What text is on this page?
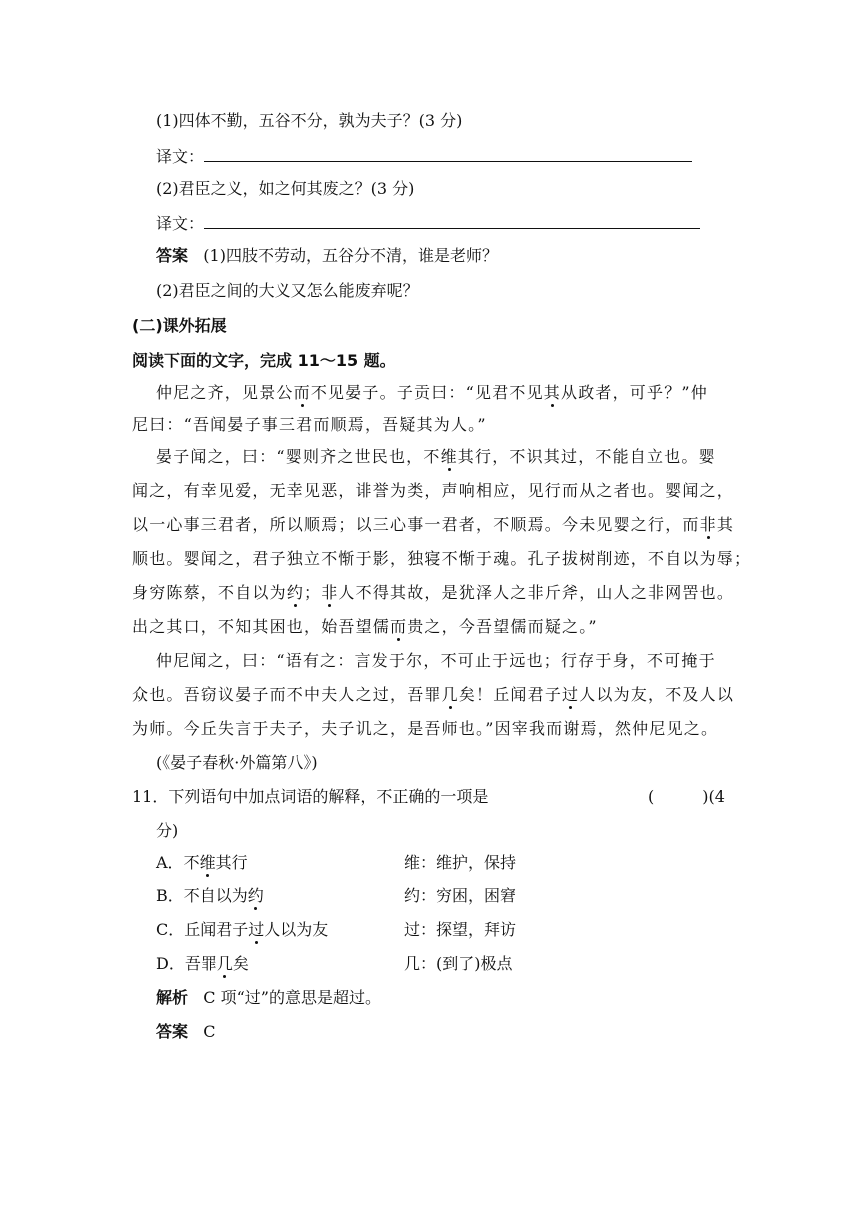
(1)四体不勤，五谷不分，孰为夫子？(3 分)
译文：
(2)君臣之义，如之何其废之？(3 分)
译文：
答案 (1)四肢不劳动，五谷分不清，谁是老师？
(2)君臣之间的大义又怎么能废弃呢？
(二)课外拓展
阅读下面的文字，完成 11～15 题。
仲尼之齐，见景公而不见晏子。子贡曰：“见君不见其从政者，可乎？”仲
尼曰：“吾闻晏子事三君而顺焉，吾疑其为人。”
晏子闻之，曰：“婴则齐之世民也，不维其行，不识其过，不能自立也。婴
闻之，有幸见爱，无幸见恶，诽誉为类，声响相应，见行而从之者也。婴闻之，
以一心事三君者，所以顺焉；以三心事一君者，不顺焉。今未见婴之行，而非其
顺也。婴闻之，君子独立不惭于影，独寝不惭于魂。孔子拔树削迹，不自以为辱；
身穷陈蔡，不自以为约；非人不得其故，是犹泽人之非斤斧，山人之非网罟也。
出之其口，不知其困也，始吾望儒而贵之，今吾望儒而疑之。”
仲尼闻之，曰：“语有之：言发于尔，不可止于远也；行存于身，不可掩于
众也。吾窃议晏子而不中夫人之过，吾罪几矣！丘闻君子过人以为友，不及人以
为师。今丘失言于夫子，夫子讥之，是吾师也。”因宰我而谢焉，然仲尼见之。
(《晏子春秋·外篇第八》)
11．下列语句中加点词语的解释，不正确的一项是	(　　　)(4
分)
A．不维其行	维：维护，保持
B．不自以为约	约：穷困，困窘
C．丘闻君子过人以为友	过：探望，拜访
D．吾罪几矣	几：(到了)极点
解析 C 项“过”的意思是超过。
答案 C
